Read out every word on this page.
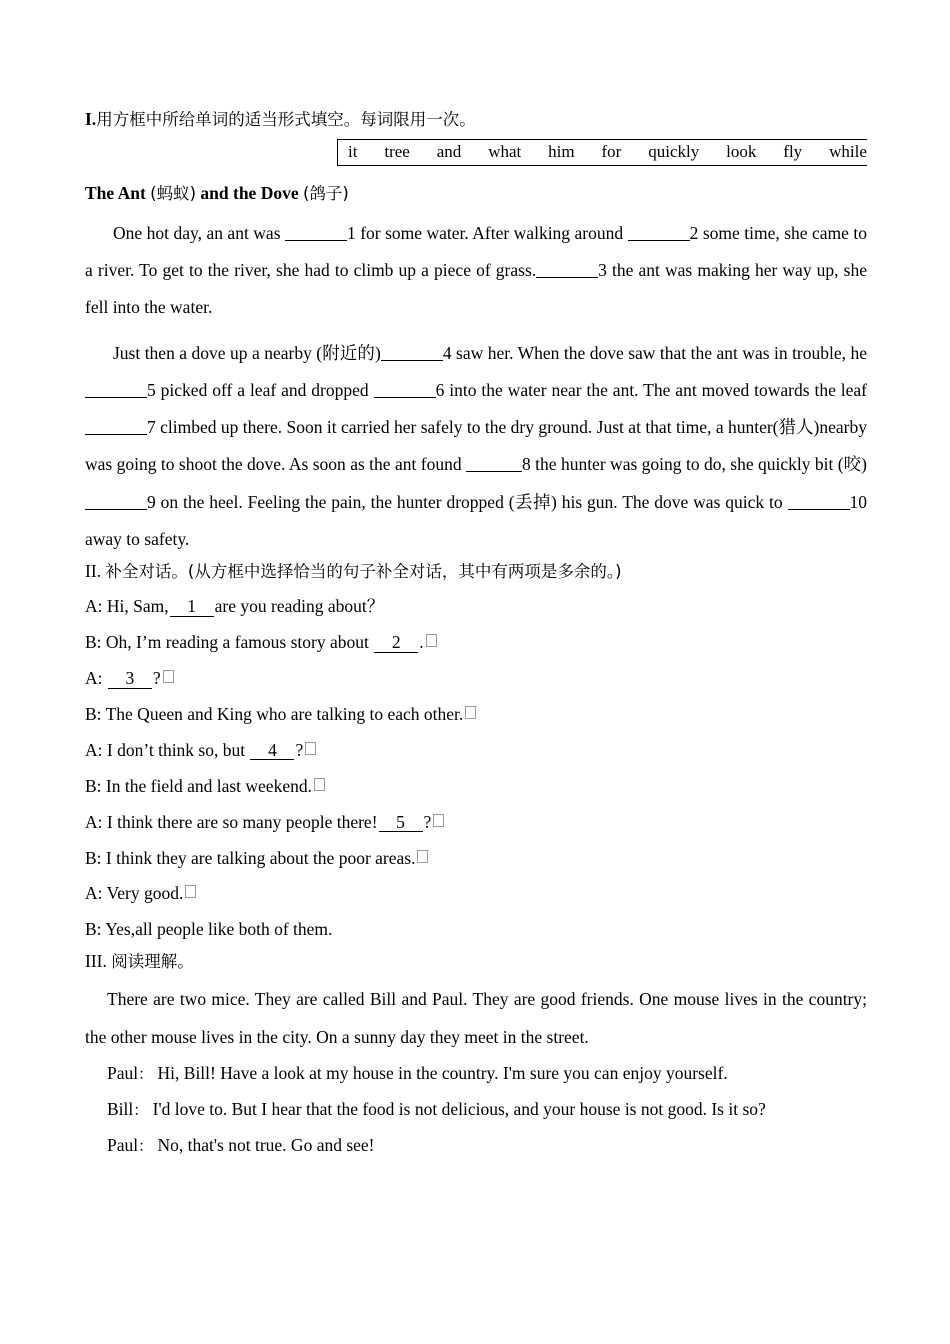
I.用方框中所给单词的适当形式填空。每词限用一次。

it tree and what him for quickly look fly while

The Ant (蚂蚁) and the Dove (鸽子)

One hot day, an ant was	1 for some water. After walking around	2 some time, she came to a river. To get to the river, she had to climb up a piece of grass.	3 the ant was making her way up, she fell into the water.

Just then a dove up a nearby (附近的)	4 saw her. When the dove saw that the ant was in trouble, he 5 picked off a leaf and dropped	6 into the water near the ant. The ant moved towards the leaf7 climbed up there. Soon it carried her safely to the dry ground. Just at that time, a hunter(猎人)nearby was going to shoot the dove. As soon as the ant found	8 the hunter was going to do, she quickly bit (咬)9 on the heel. Feeling the pain, the hunter dropped (丢掉) his gun. The dove was quick to	10 away to safety.

II. 补全对话。(从方框中选择恰当的句子补全对话，其中有两项是多余的。)

A: Hi, Sam, 1 are you reading about？

B: Oh, I’m reading a famous story about 2 .

A: 3 ?

B: The Queen and King who are talking to each other.

A: I don’t think so, but 4 ?

B: In the field and last weekend.

A: I think there are so many people there! 5 ?

B: I think they are talking about the poor areas.

A: Very good.

B: Yes,all people like both of them.

III. 阅读理解。

There are two mice. They are called Bill and Paul. They are good friends. One mouse lives in the country; the other mouse lives in the city. On a sunny day they meet in the street.

Paul： Hi, Bill! Have a look at my house in the country. I'm sure you can enjoy yourself.

Bill： I'd love to. But I hear that the food is not delicious, and your house is not good. Is it so?

Paul： No, that's not true. Go and see!
